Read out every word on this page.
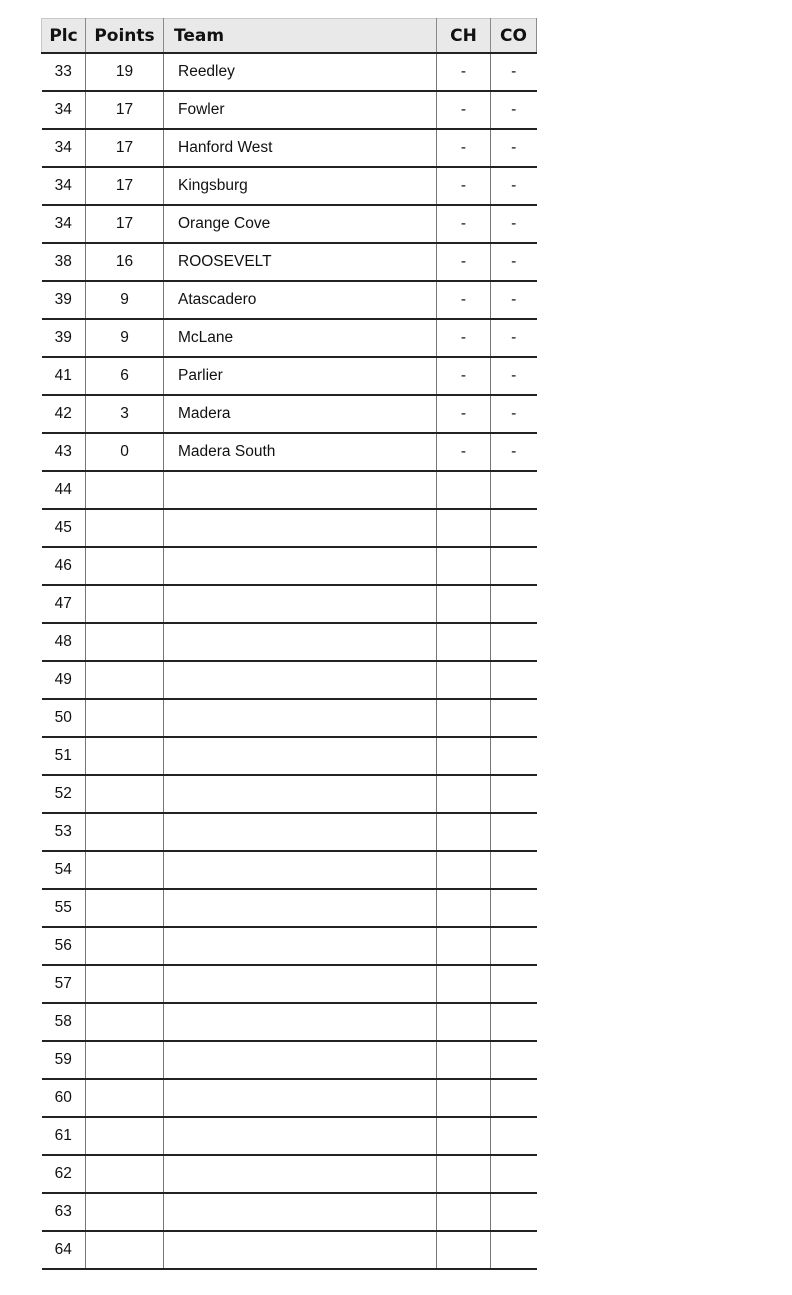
Plc	Points	Team	CH	CO
33	19	Reedley	-	-
34	17	Fowler	-	-
34	17	Hanford West	-	-
34	17	Kingsburg	-	-
34	17	Orange Cove	-	-
38	16	ROOSEVELT	-	-
39	9	Atascadero	-	-
39	9	McLane	-	-
41	6	Parlier	-	-
42	3	Madera	-	-
43	0	Madera South	-	-
44				
45				
46				
47				
48				
49				
50				
51				
52				
53				
54				
55				
56				
57				
58				
59				
60				
61				
62				
63				
64				
